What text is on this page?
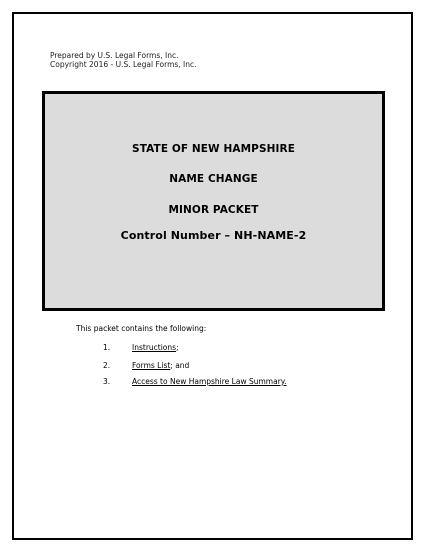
Prepared by U.S. Legal Forms, Inc.
Copyright 2016 - U.S. Legal Forms, Inc.
STATE OF NEW HAMPSHIRE
NAME CHANGE
MINOR PACKET
Control Number – NH-NAME-2
This packet contains the following:
1.	Instructions;
2.	Forms List; and
3.	Access to New Hampshire Law Summary.
